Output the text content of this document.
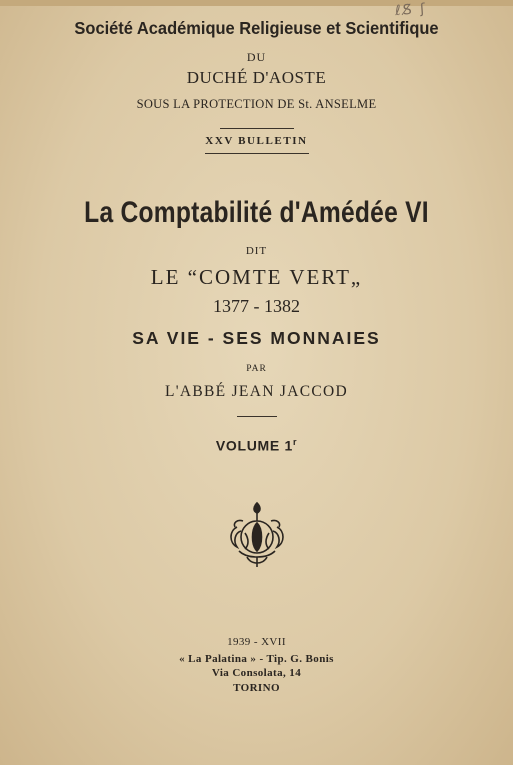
ℓЅ̸ ʃ
Société Académique Religieuse et Scientifique
DU
DUCHÉ D'AOSTE
SOUS LA PROTECTION DE St. ANSELME
XXV BULLETIN
La Comptabilité d'Amédée VI
DIT
LE “COMTE VERT„
1377 - 1382
SA VIE - SES MONNAIES
PAR
L'ABBÉ JEAN JACCOD
VOLUME 1$^r$
1939 - XVII
« La Palatina » - Tip. G. Bonis
Via Consolata, 14
TORINO
